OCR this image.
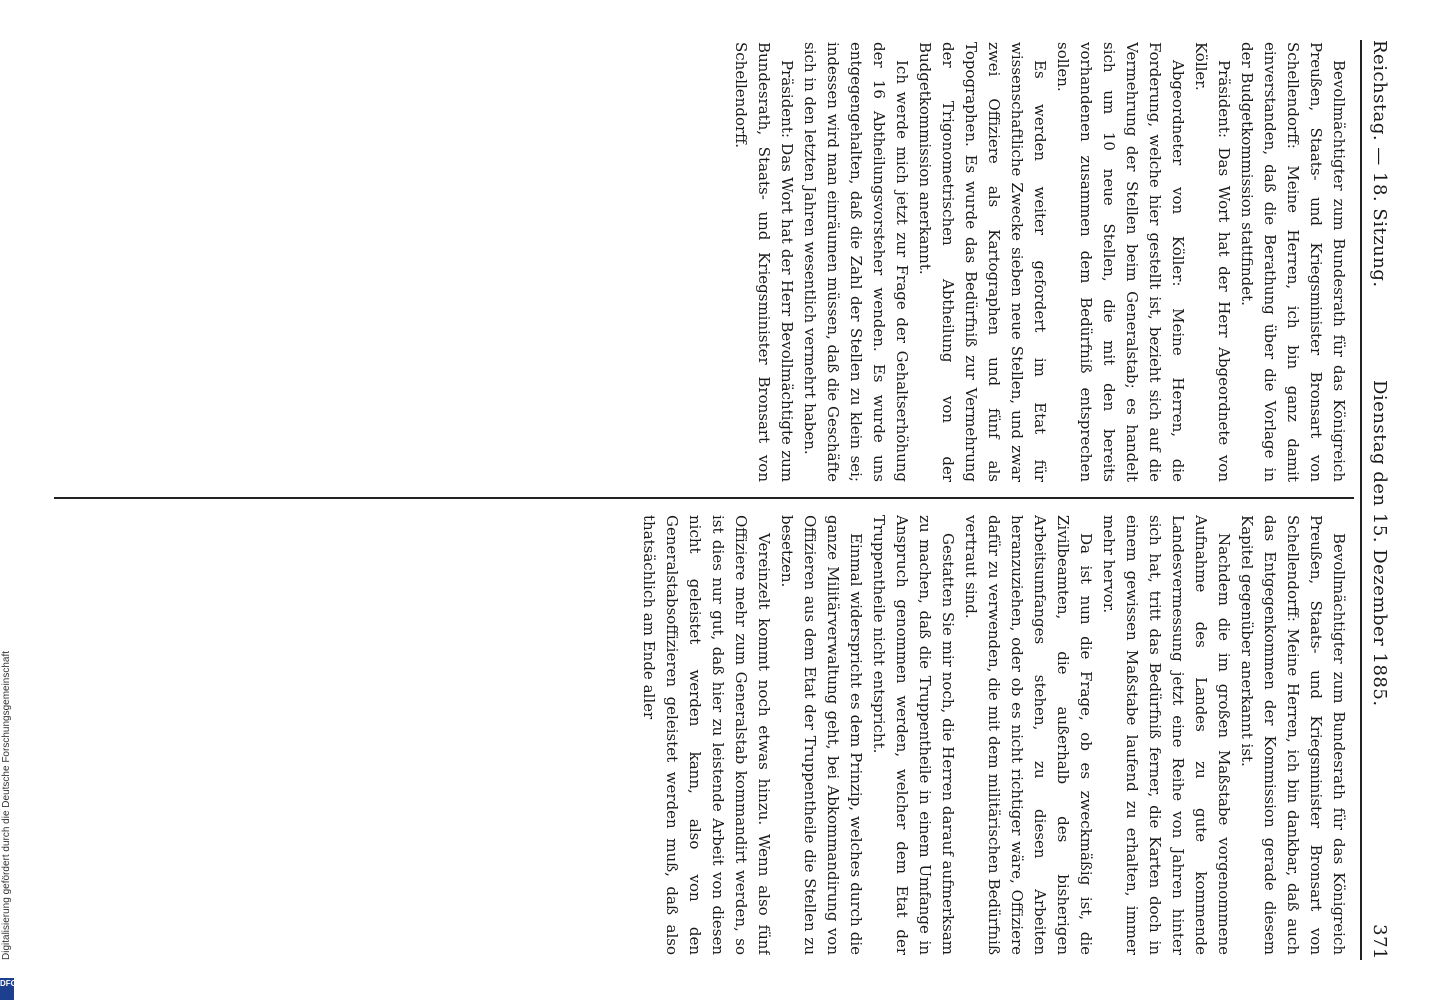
Digitalisierung gefördert durch die Deutsche Forschungsgemeinschaft
DFG
Reichstag. — 18. Sitzung.
Dienstag den 15. Dezember 1885.
371

Bevollmächtigter zum Bundesrath für das Königreich Preußen, Staats- und Kriegsminister Bronsart von Schellendorff: Meine Herren, ich bin ganz damit einverstanden, daß die Berathung über die Vorlage in der Budgetkommission stattfindet.

Präsident: Das Wort hat der Herr Abgeordnete von Köller.

Abgeordneter von Köller: Meine Herren, die Forderung, welche hier gestellt ist, bezieht sich auf die Vermehrung der Stellen beim Generalstab; es handelt sich um 10 neue Stellen, die mit den bereits vorhandenen zusammen dem Bedürfniß entsprechen sollen.

Es werden weiter gefordert im Etat für wissenschaftliche Zwecke sieben neue Stellen, und zwar zwei Offiziere als Kartographen und fünf als Topographen. Es wurde das Bedürfniß zur Vermehrung der Trigonometrischen Abtheilung von der Budgetkommission anerkannt.

Ich werde mich jetzt zur Frage der Gehaltserhöhung der 16 Abtheilungsvorsteher wenden. Es wurde uns entgegengehalten, daß die Zahl der Stellen zu klein sei; indessen wird man einräumen müssen, daß die Geschäfte sich in den letzten Jahren wesentlich vermehrt haben.

Präsident: Das Wort hat der Herr Bevollmächtigte zum Bundesrath, Staats- und Kriegsminister Bronsart von Schellendorff.

Bevollmächtigter zum Bundesrath für das Königreich Preußen, Staats- und Kriegsminister Bronsart von Schellendorff: Meine Herren, ich bin dankbar, daß auch das Entgegenkommen der Kommission gerade diesem Kapitel gegenüber anerkannt ist.

Nachdem die im großen Maßstabe vorgenommene Aufnahme des Landes zu gute kommende Landesvermessung jetzt eine Reihe von Jahren hinter sich hat, tritt das Bedürfniß ferner, die Karten doch in einem gewissen Maßstabe laufend zu erhalten, immer mehr hervor.

Da ist nun die Frage, ob es zweckmäßig ist, die Zivilbeamten, die außerhalb des bisherigen Arbeitsumfanges stehen, zu diesen Arbeiten heranzuziehen, oder ob es nicht richtiger wäre, Offiziere dafür zu verwenden, die mit dem militärischen Bedürfniß vertraut sind.

Gestatten Sie mir noch, die Herren darauf aufmerksam zu machen, daß die Truppentheile in einem Umfange in Anspruch genommen werden, welcher dem Etat der Truppentheile nicht entspricht.

Einmal widerspricht es dem Prinzip, welches durch die ganze Militärverwaltung geht, bei Abkommandirung von Offizieren aus dem Etat der Truppentheile die Stellen zu besetzen.

Vereinzelt kommt noch etwas hinzu. Wenn also fünf Offiziere mehr zum Generalstab kommandirt werden, so ist dies nur gut, daß hier zu leistende Arbeit von diesen nicht geleistet werden kann, also von den Generalstabsoffizieren geleistet werden muß, daß also thatsächlich am Ende aller
